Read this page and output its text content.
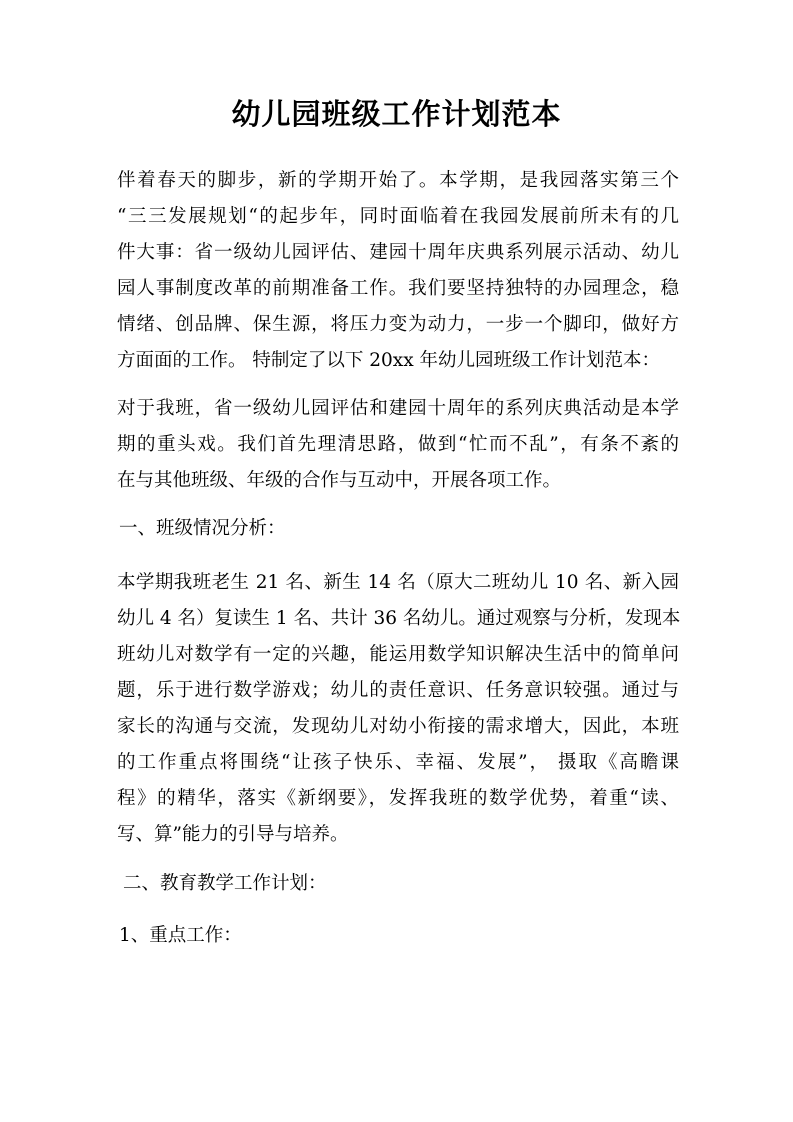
幼儿园班级工作计划范本
伴着春天的脚步，新的学期开始了。本学期，是我园落实第三个
“三三发展规划“的起步年，同时面临着在我园发展前所未有的几
件大事：省一级幼儿园评估、建园十周年庆典系列展示活动、幼儿
园人事制度改革的前期准备工作。我们要坚持独特的办园理念，稳
情绪、创品牌、保生源，将压力变为动力，一步一个脚印，做好方
方面面的工作。 特制定了以下 20xx 年幼儿园班级工作计划范本：
对于我班，省一级幼儿园评估和建园十周年的系列庆典活动是本学
期的重头戏。我们首先理清思路，做到“忙而不乱”，有条不紊的
在与其他班级、年级的合作与互动中，开展各项工作。
一、班级情况分析：
本学期我班老生 21 名、新生 14 名（原大二班幼儿 10 名、新入园
幼儿 4 名）复读生 1 名、共计 36 名幼儿。通过观察与分析，发现本
班幼儿对数学有一定的兴趣，能运用数学知识解决生活中的简单问
题，乐于进行数学游戏；幼儿的责任意识、任务意识较强。通过与
家长的沟通与交流，发现幼儿对幼小衔接的需求增大，因此，本班
的工作重点将围绕“让孩子快乐、幸福、发展”， 摄取《高瞻课
程》的精华，落实《新纲要》，发挥我班的数学优势，着重“读、
写、算”能力的引导与培养。
二、教育教学工作计划：
1、重点工作：
